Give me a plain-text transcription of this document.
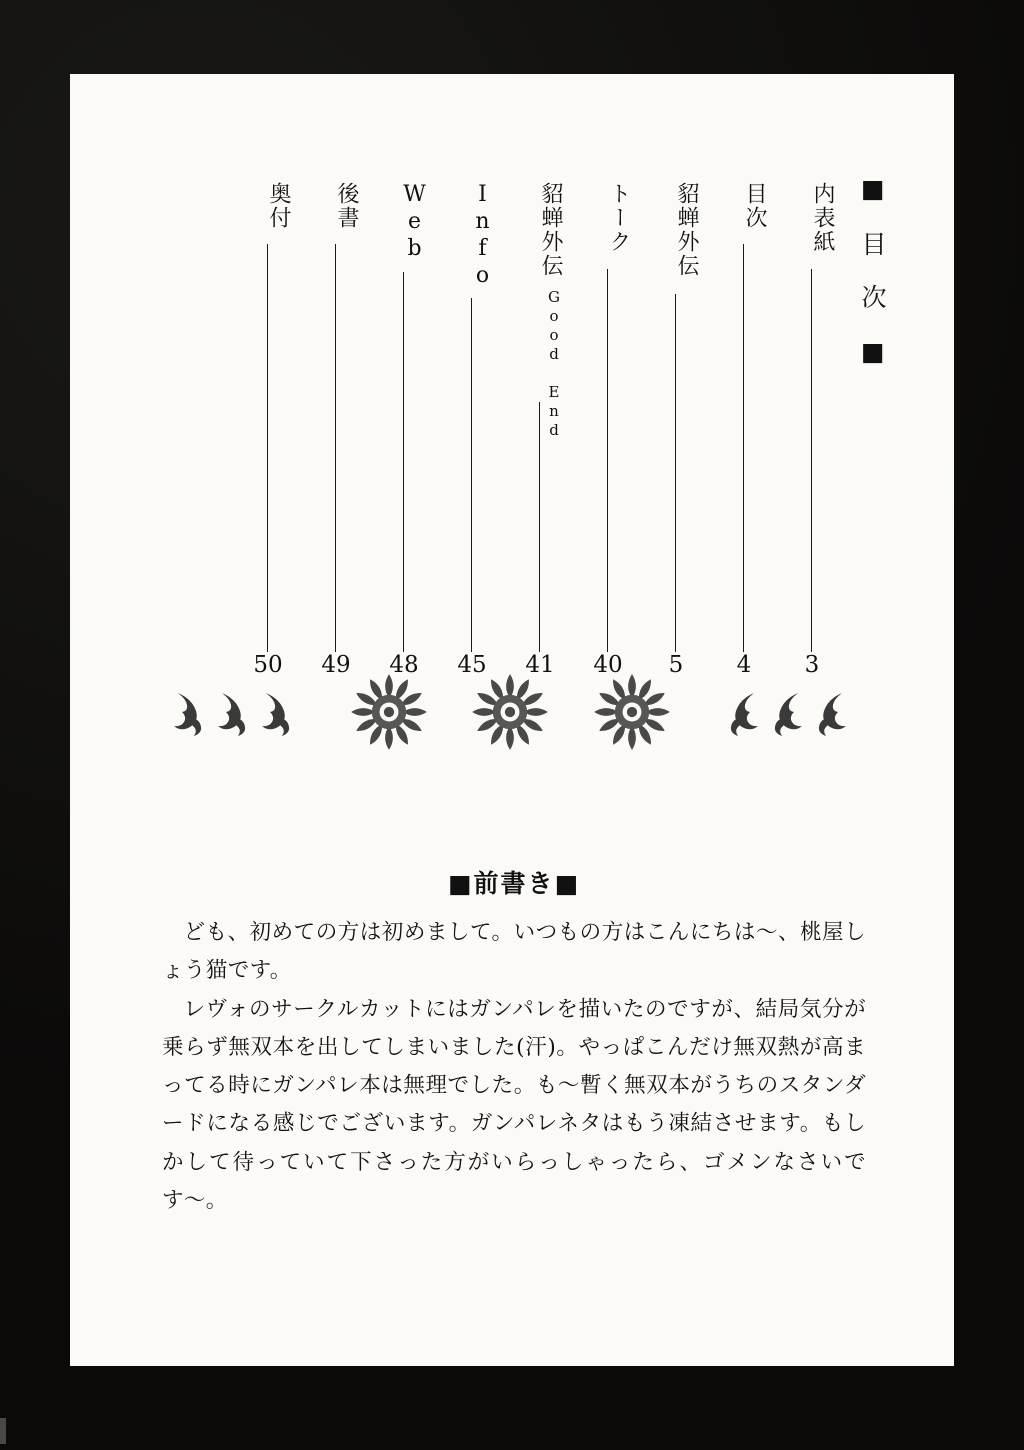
■ 目 次 ■
内表紙
3
目次
4
貂蝉外伝
5
トーク
40
貂蝉外伝
Good End
41
Info
45
Web
48
後書
49
奥付
50
■前書き■

ども、初めての方は初めまして。いつもの方はこんにちは〜、桃屋しょう猫です。

レヴォのサークルカットにはガンパレを描いたのですが、結局気分が乗らず無双本を出してしまいました(汗)。やっぱこんだけ無双熱が高まってる時にガンパレ本は無理でした。も〜暫く無双本がうちのスタンダードになる感じでございます。ガンパレネタはもう凍結させます。もしかして待っていて下さった方がいらっしゃったら、ゴメンなさいです〜。
